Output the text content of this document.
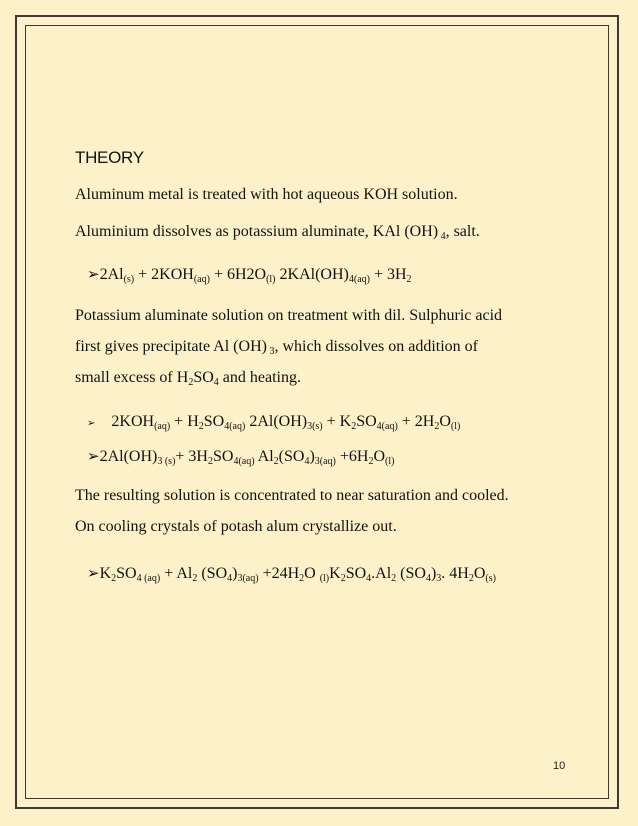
THEORY
Aluminum metal is treated with hot aqueous KOH solution.
Aluminium dissolves as potassium aluminate, KAl (OH) $_4$, salt.
$➢2Al_{(s)} + 2KOH_{(aq)} + 6H2O_{(l)}$ $2KAl(OH)_{4(aq)} + 3H_2$
Potassium aluminate solution on treatment with dil. Sulphuric acid
first gives precipitate Al (OH) $_3$, which dissolves on addition of
small excess of $H_2SO_4$ and heating.
➢ $2KOH_{(aq)} + H_2SO_{4(aq)}$ $2Al(OH)_{3(s)} + K_2SO_{4(aq)} + 2H_2O_{(l)}$
$➢2Al(OH)_{3 (s)}+ 3H_2SO_{4(aq)}$ $Al_2(SO_4)_{3(aq)} +6H_2O_{(l)}$
The resulting solution is concentrated to near saturation and cooled.
On cooling crystals of potash alum crystallize out.
$➢K_2SO_{4 (aq)} + Al_2$ $(SO_4)_{3(aq)} +24H_2O$ $_{(l)}K_2SO_4.Al_2$ $(SO_4)_3$. $4H_2O_{(s)}$
10
